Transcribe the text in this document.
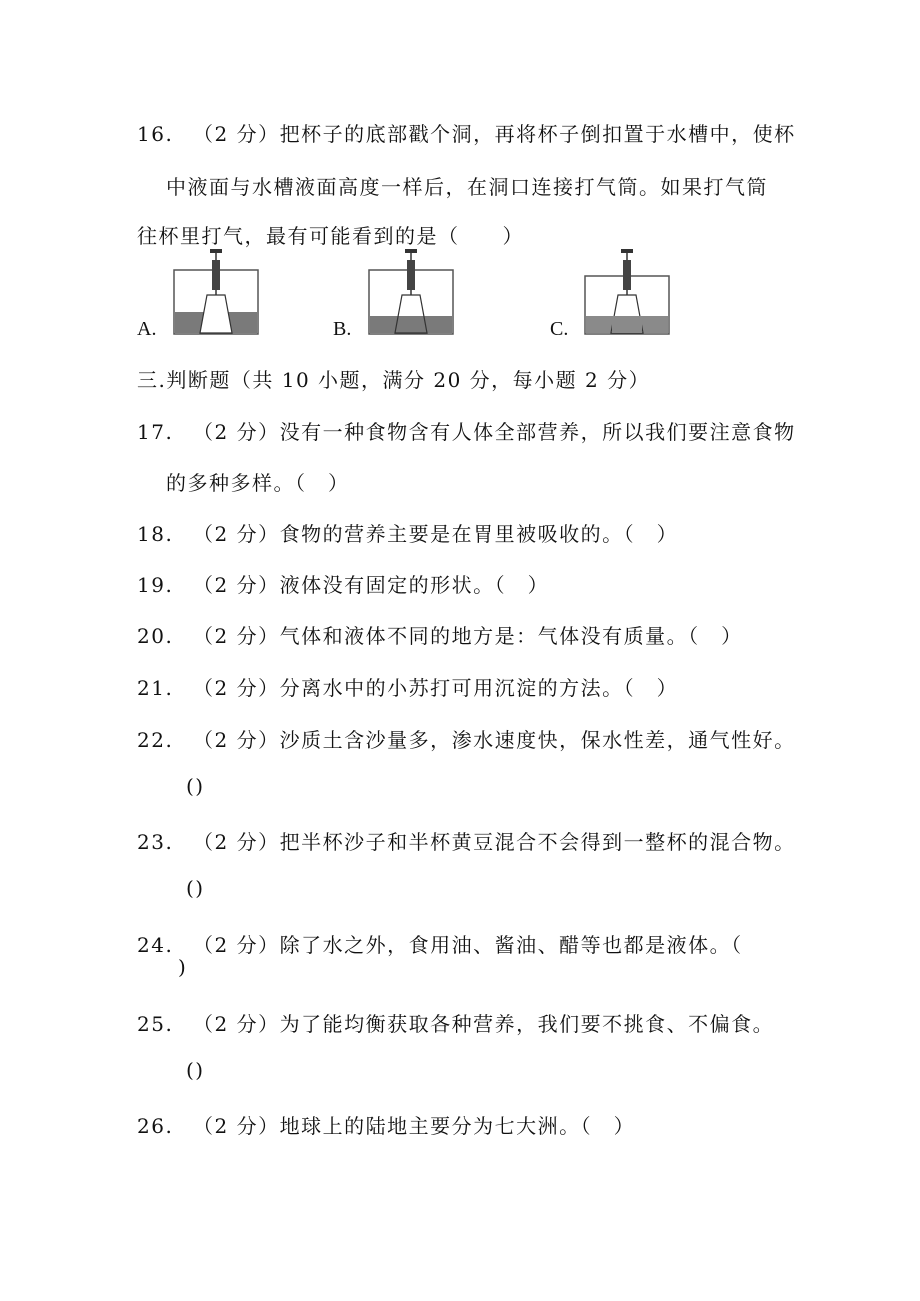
16. （2 分）把杯子的底部戳个洞，再将杯子倒扣置于水槽中，使杯
中液面与水槽液面高度一样后，在洞口连接打气筒。如果打气筒
往杯里打气，最有可能看到的是（　　）
A.	B.	C.
三.判断题（共 10 小题，满分 20 分，每小题 2 分）
17. （2 分）没有一种食物含有人体全部营养，所以我们要注意食物
的多种多样。（　）
18. （2 分）食物的营养主要是在胃里被吸收的。（　）
19. （2 分）液体没有固定的形状。（　）
20. （2 分）气体和液体不同的地方是：气体没有质量。（　）
21. （2 分）分离水中的小苏打可用沉淀的方法。（　）
22. （2 分）沙质土含沙量多，渗水速度快，保水性差，通气性好。
()
23. （2 分）把半杯沙子和半杯黄豆混合不会得到一整杯的混合物。
()
24. （2 分）除了水之外，食用油、酱油、醋等也都是液体。（
)
25. （2 分）为了能均衡获取各种营养，我们要不挑食、不偏食。
()
26. （2 分）地球上的陆地主要分为七大洲。（　）
